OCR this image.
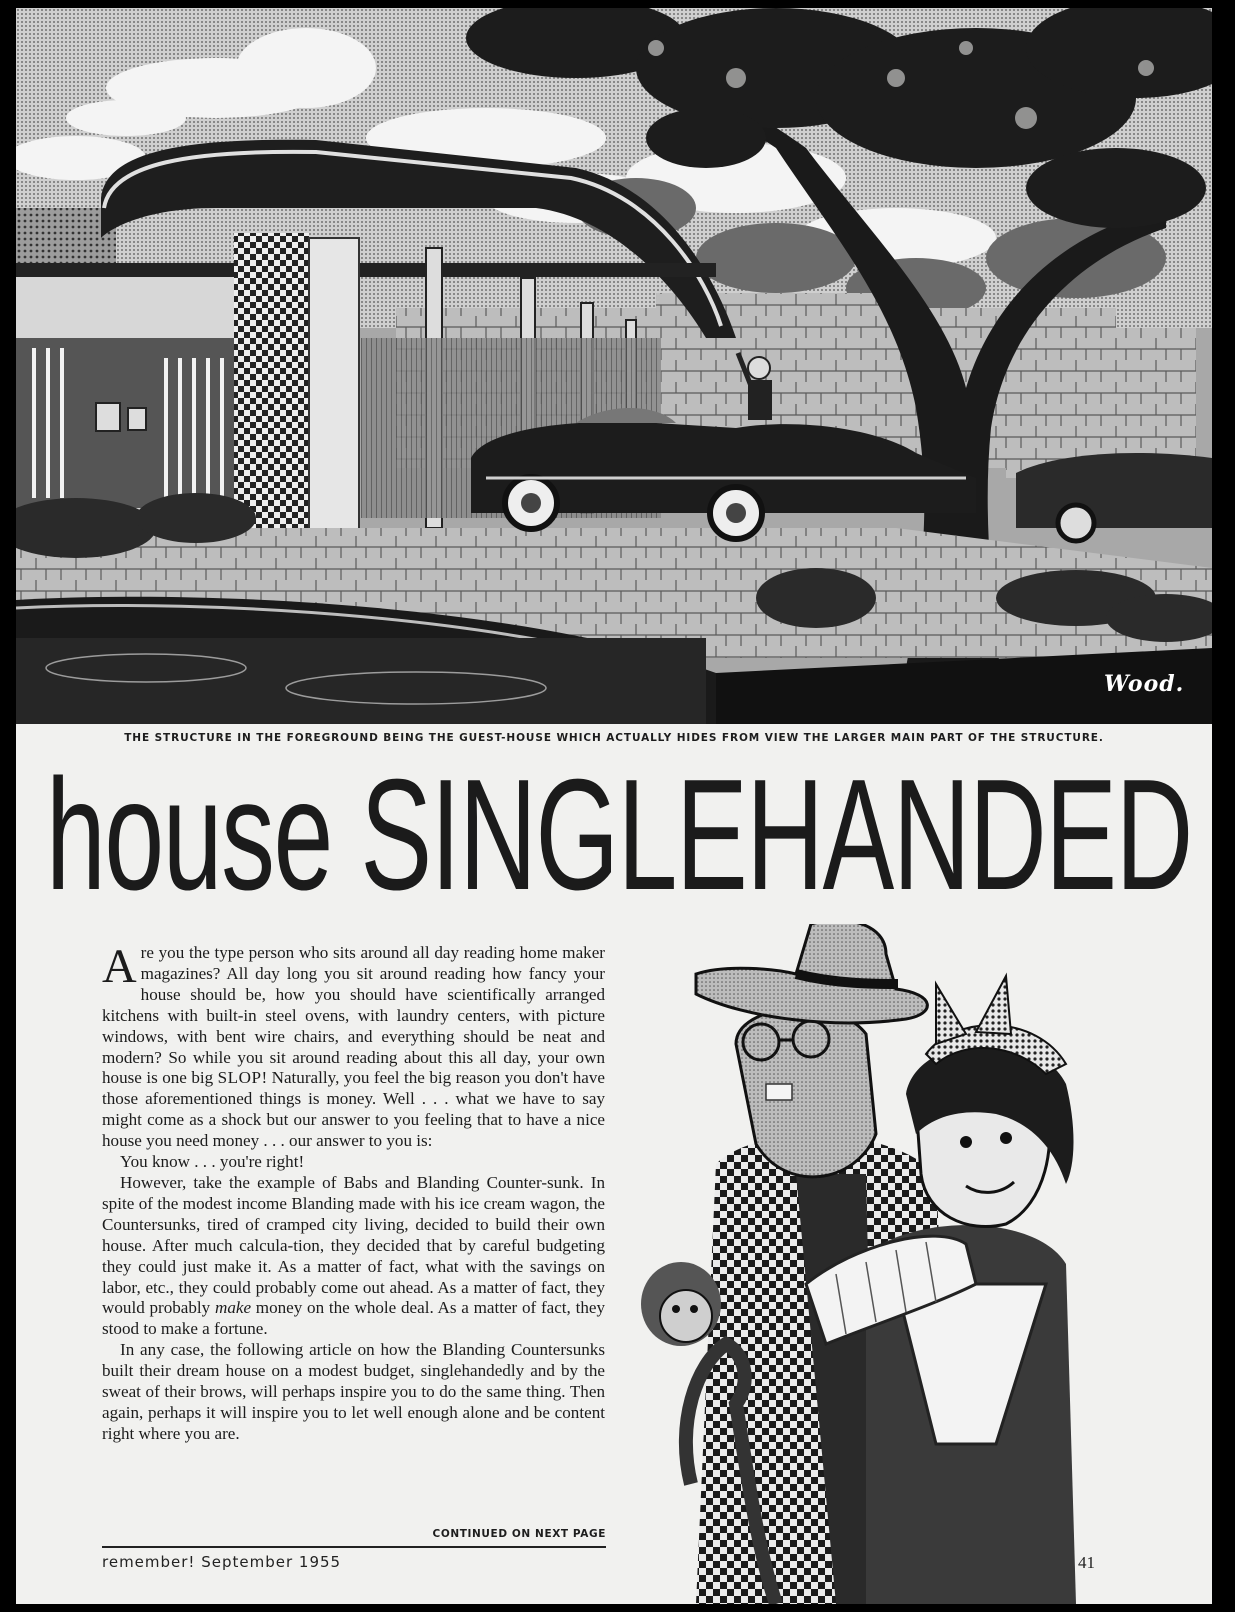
Wood.
THE STRUCTURE IN THE FOREGROUND BEING THE GUEST-HOUSE WHICH ACTUALLY HIDES FROM VIEW THE LARGER MAIN PART OF THE STRUCTURE.
house SINGLEHANDED

Are you the type person who sits around all day reading home maker magazines? All day long you sit around reading how fancy your house should be, how you should have scientifically arranged kitchens with built-in steel ovens, with laundry centers, with picture windows, with bent wire chairs, and everything should be neat and modern? So while you sit around reading about this all day, your own house is one big SLOP! Naturally, you feel the big reason you don't have those aforementioned things is money. Well . . . what we have to say might come as a shock but our answer to you feeling that to have a nice house you need money . . . our answer to you is:

You know . . . you're right!

However, take the example of Babs and Blanding Counter-sunk. In spite of the modest income Blanding made with his ice cream wagon, the Countersunks, tired of cramped city living, decided to build their own house. After much calcula-tion, they decided that by careful budgeting they could just make it. As a matter of fact, what with the savings on labor, etc., they could probably come out ahead. As a matter of fact, they would probably make money on the whole deal. As a matter of fact, they stood to make a fortune.

In any case, the following article on how the Blanding Countersunks built their dream house on a modest budget, singlehandedly and by the sweat of their brows, will perhaps inspire you to do the same thing. Then again, perhaps it will inspire you to let well enough alone and be content right where you are.

CONTINUED ON NEXT PAGE
remember! September 1955	41
